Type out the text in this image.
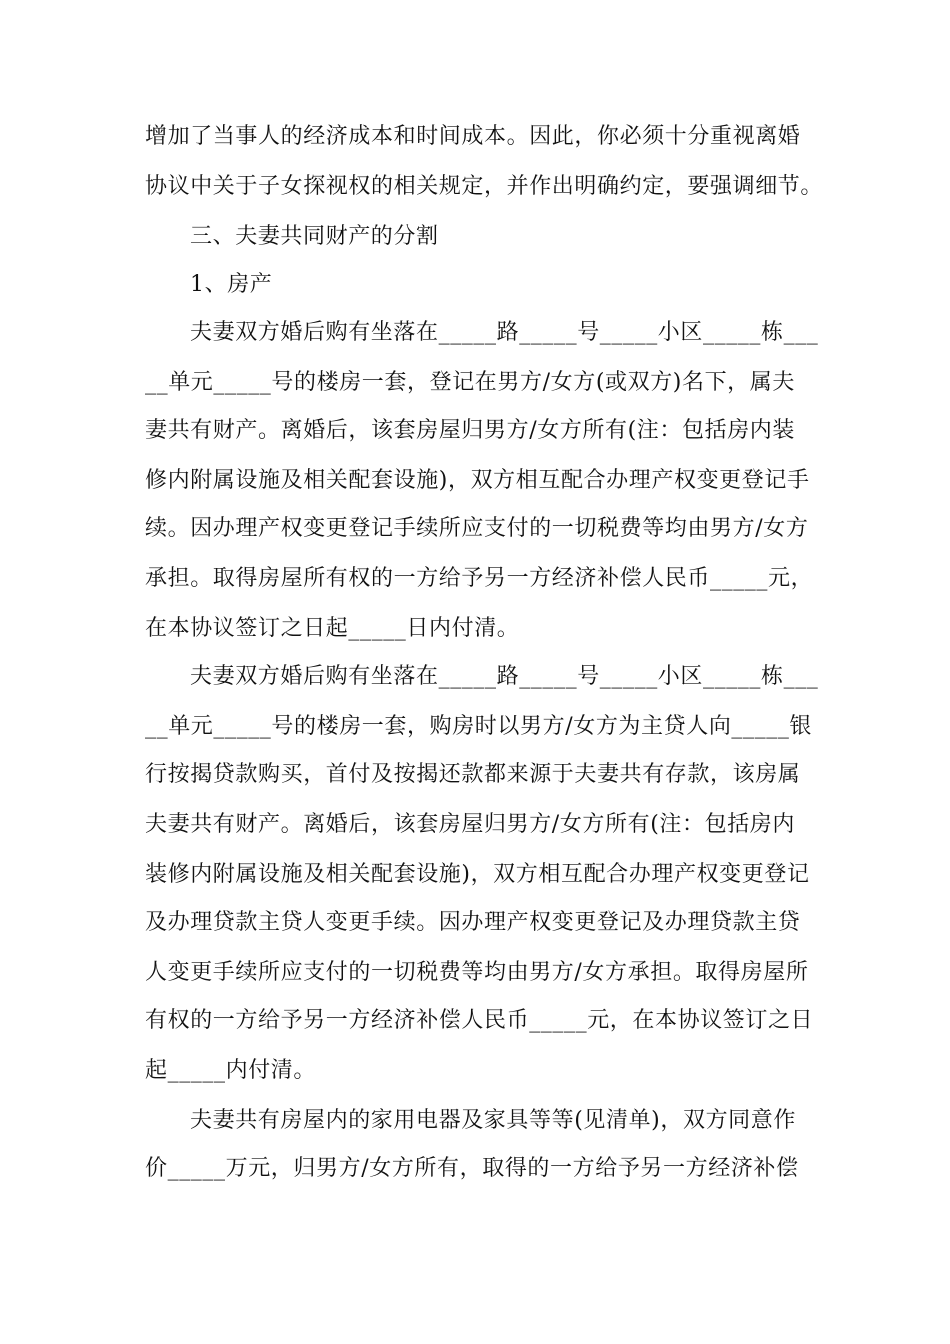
增加了当事人的经济成本和时间成本。因此，你必须十分重视离婚
协议中关于子女探视权的相关规定，并作出明确约定，要强调细节。
三、夫妻共同财产的分割
1、房产
夫妻双方婚后购有坐落在_____路_____号_____小区_____栋___
__单元_____号的楼房一套，登记在男方/女方(或双方)名下，属夫
妻共有财产。离婚后，该套房屋归男方/女方所有(注：包括房内装
修内附属设施及相关配套设施)，双方相互配合办理产权变更登记手
续。因办理产权变更登记手续所应支付的一切税费等均由男方/女方
承担。取得房屋所有权的一方给予另一方经济补偿人民币_____元，
在本协议签订之日起_____日内付清。
夫妻双方婚后购有坐落在_____路_____号_____小区_____栋___
__单元_____号的楼房一套，购房时以男方/女方为主贷人向_____银
行按揭贷款购买，首付及按揭还款都来源于夫妻共有存款，该房属
夫妻共有财产。离婚后，该套房屋归男方/女方所有(注：包括房内
装修内附属设施及相关配套设施)，双方相互配合办理产权变更登记
及办理贷款主贷人变更手续。因办理产权变更登记及办理贷款主贷
人变更手续所应支付的一切税费等均由男方/女方承担。取得房屋所
有权的一方给予另一方经济补偿人民币_____元，在本协议签订之日
起_____内付清。
夫妻共有房屋内的家用电器及家具等等(见清单)，双方同意作
价_____万元，归男方/女方所有，取得的一方给予另一方经济补偿
